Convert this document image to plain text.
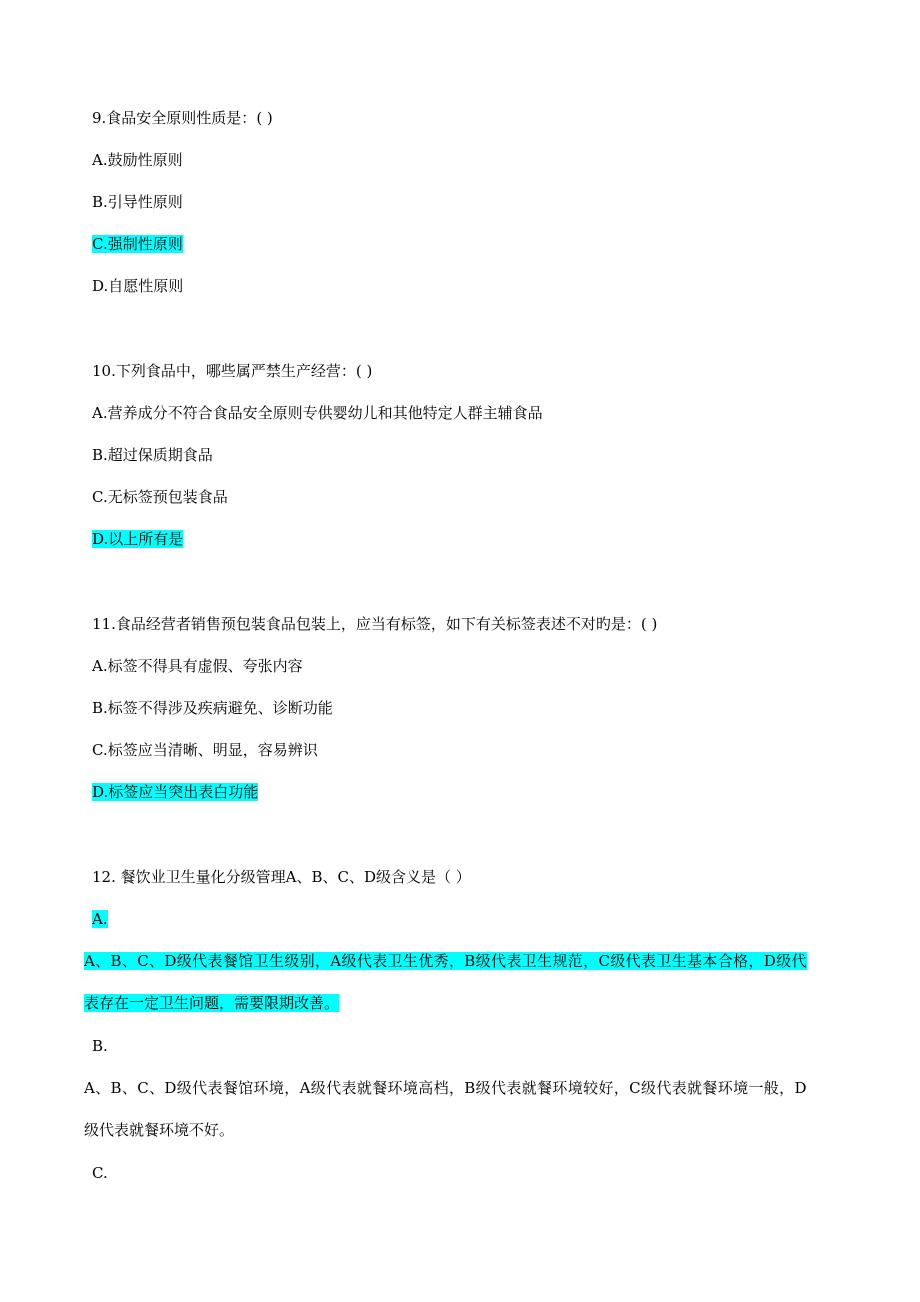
9.食品安全原则性质是：( )
A.鼓励性原则
B.引导性原则
C.强制性原则
D.自愿性原则
10.下列食品中，哪些属严禁生产经营：( )
A.营养成分不符合食品安全原则专供婴幼儿和其他特定人群主辅食品
B.超过保质期食品
C.无标签预包装食品
D.以上所有是
11.食品经营者销售预包装食品包装上，应当有标签，如下有关标签表述不对旳是：( )
A.标签不得具有虚假、夸张内容
B.标签不得涉及疾病避免、诊断功能
C.标签应当清晰、明显，容易辨识
D.标签应当突出表白功能
12. 餐饮业卫生量化分级管理A、B、C、D级含义是（ ）
A.
A、B、C、D级代表餐馆卫生级别，A级代表卫生优秀，B级代表卫生规范，C级代表卫生基本合格，D级代
表存在一定卫生问题，需要限期改善。
B.
A、B、C、D级代表餐馆环境，A级代表就餐环境高档，B级代表就餐环境较好，C级代表就餐环境一般，D
级代表就餐环境不好。
C.
